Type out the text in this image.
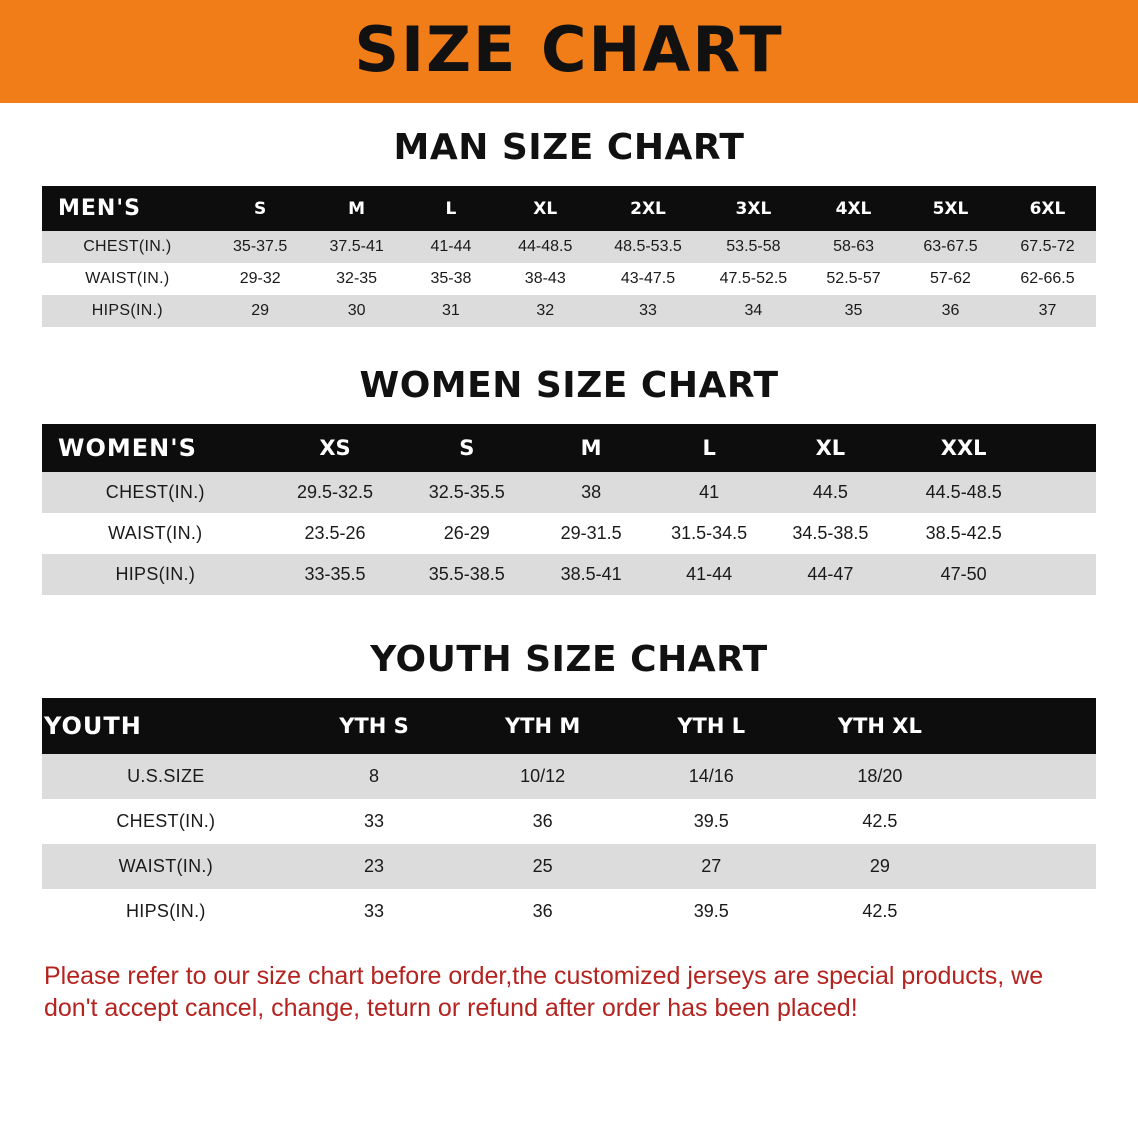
SIZE CHART
MAN SIZE CHART
MEN'S	S	M	L	XL	2XL	3XL	4XL	5XL	6XL
CHEST(IN.)	35-37.5	37.5-41	41-44	44-48.5	48.5-53.5	53.5-58	58-63	63-67.5	67.5-72
WAIST(IN.)	29-32	32-35	35-38	38-43	43-47.5	47.5-52.5	52.5-57	57-62	62-66.5
HIPS(IN.)	29	30	31	32	33	34	35	36	37
WOMEN SIZE CHART
WOMEN'S	XS	S	M	L	XL	XXL	
CHEST(IN.)	29.5-32.5	32.5-35.5	38	41	44.5	44.5-48.5	
WAIST(IN.)	23.5-26	26-29	29-31.5	31.5-34.5	34.5-38.5	38.5-42.5	
HIPS(IN.)	33-35.5	35.5-38.5	38.5-41	41-44	44-47	47-50	
YOUTH SIZE CHART
YOUTH	YTH S	YTH M	YTH L	YTH XL	
U.S.SIZE	8	10/12	14/16	18/20	
CHEST(IN.)	33	36	39.5	42.5	
WAIST(IN.)	23	25	27	29	
HIPS(IN.)	33	36	39.5	42.5	
Please refer to our size chart before order,the customized jerseys are special products, we don't accept cancel, change, teturn or refund after order has been placed!
